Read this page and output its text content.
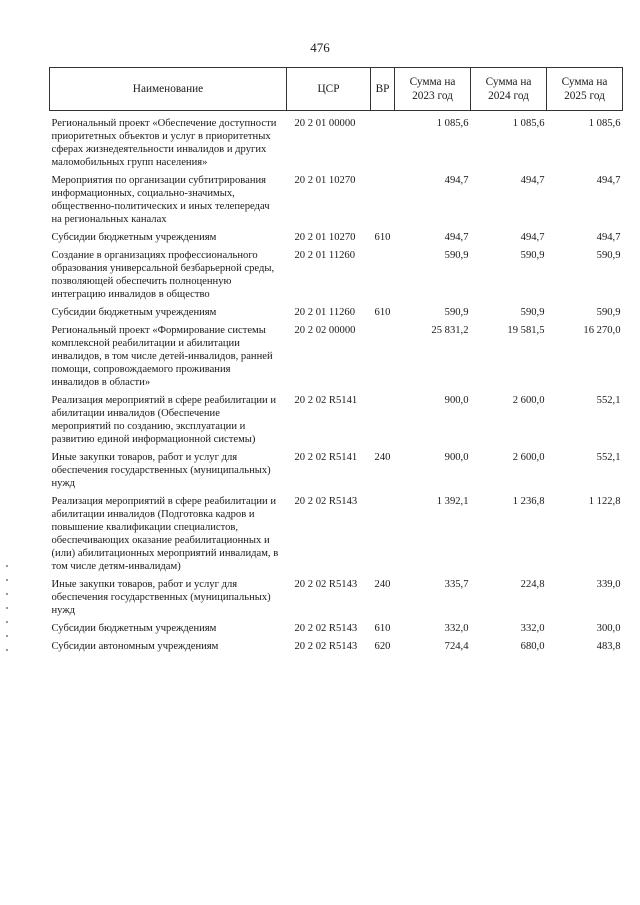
476
Наименование	ЦСР	ВР	Сумма на 2023 год	Сумма на 2024 год	Сумма на 2025 год
Региональный проект «Обеспечение доступности приоритетных объектов и услуг в приоритетных сферах жизнедеятельности инвалидов и других маломобильных групп населения»	20 2 01 00000		1 085,6	1 085,6	1 085,6
Мероприятия по организации субтитрирования информационных, социально-значимых, общественно-политических и иных телепередач на региональных каналах	20 2 01 10270		494,7	494,7	494,7
Субсидии бюджетным учреждениям	20 2 01 10270	610	494,7	494,7	494,7
Создание в организациях профессионального образования универсальной безбарьерной среды, позволяющей обеспечить полноценную интеграцию инвалидов в общество	20 2 01 11260		590,9	590,9	590,9
Субсидии бюджетным учреждениям	20 2 01 11260	610	590,9	590,9	590,9
Региональный проект «Формирование системы комплексной реабилитации и абилитации инвалидов, в том числе детей-инвалидов, ранней помощи, сопровождаемого проживания инвалидов в области»	20 2 02 00000		25 831,2	19 581,5	16 270,0
Реализация мероприятий в сфере реабилитации и абилитации инвалидов (Обеспечение мероприятий по созданию, эксплуатации и развитию единой информационной системы)	20 2 02 R5141		900,0	2 600,0	552,1
Иные закупки товаров, работ и услуг для обеспечения государственных (муниципальных) нужд	20 2 02 R5141	240	900,0	2 600,0	552,1
Реализация мероприятий в сфере реабилитации и абилитации инвалидов (Подготовка кадров и повышение квалификации специалистов, обеспечивающих оказание реабилитационных и (или) абилитационных мероприятий инвалидам, в том числе детям-инвалидам)	20 2 02 R5143		1 392,1	1 236,8	1 122,8
Иные закупки товаров, работ и услуг для обеспечения государственных (муниципальных) нужд	20 2 02 R5143	240	335,7	224,8	339,0
Субсидии бюджетным учреждениям	20 2 02 R5143	610	332,0	332,0	300,0
Субсидии автономным учреждениям	20 2 02 R5143	620	724,4	680,0	483,8
